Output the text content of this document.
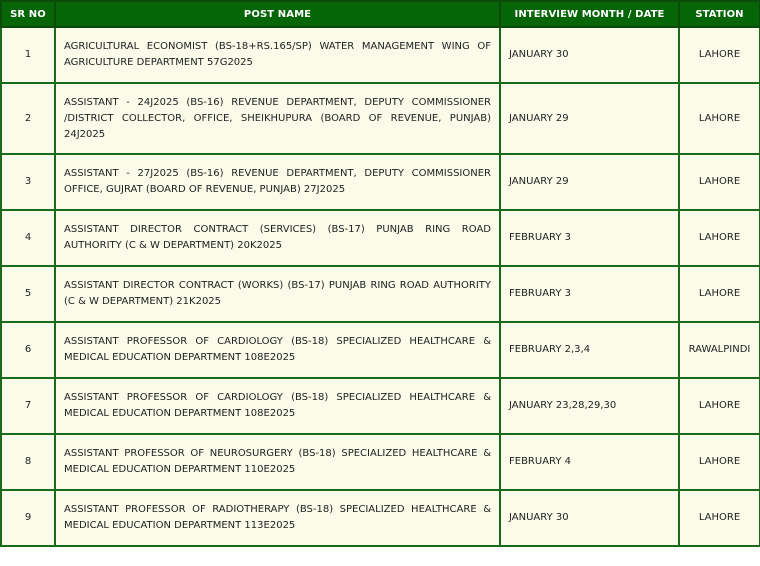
SR NO	POST NAME	INTERVIEW MONTH / DATE	STATION
1	AGRICULTURAL ECONOMIST (BS-18+RS.165/SP) WATER MANAGEMENT WING OF AGRICULTURE DEPARTMENT 57G2025	JANUARY 30	LAHORE
2	ASSISTANT - 24J2025 (BS-16) REVENUE DEPARTMENT, DEPUTY COMMISSIONER /DISTRICT COLLECTOR, OFFICE, SHEIKHUPURA (BOARD OF REVENUE, PUNJAB) 24J2025	JANUARY 29	LAHORE
3	ASSISTANT - 27J2025 (BS-16) REVENUE DEPARTMENT, DEPUTY COMMISSIONER OFFICE, GUJRAT (BOARD OF REVENUE, PUNJAB) 27J2025	JANUARY 29	LAHORE
4	ASSISTANT DIRECTOR CONTRACT (SERVICES) (BS-17) PUNJAB RING ROAD AUTHORITY (C & W DEPARTMENT) 20K2025	FEBRUARY 3	LAHORE
5	ASSISTANT DIRECTOR CONTRACT (WORKS) (BS-17) PUNJAB RING ROAD AUTHORITY (C & W DEPARTMENT) 21K2025	FEBRUARY 3	LAHORE
6	ASSISTANT PROFESSOR OF CARDIOLOGY (BS-18) SPECIALIZED HEALTHCARE & MEDICAL EDUCATION DEPARTMENT 108E2025	FEBRUARY 2,3,4	RAWALPINDI
7	ASSISTANT PROFESSOR OF CARDIOLOGY (BS-18) SPECIALIZED HEALTHCARE & MEDICAL EDUCATION DEPARTMENT 108E2025	JANUARY 23,28,29,30	LAHORE
8	ASSISTANT PROFESSOR OF NEUROSURGERY (BS-18) SPECIALIZED HEALTHCARE & MEDICAL EDUCATION DEPARTMENT 110E2025	FEBRUARY 4	LAHORE
9	ASSISTANT PROFESSOR OF RADIOTHERAPY (BS-18) SPECIALIZED HEALTHCARE & MEDICAL EDUCATION DEPARTMENT 113E2025	JANUARY 30	LAHORE
